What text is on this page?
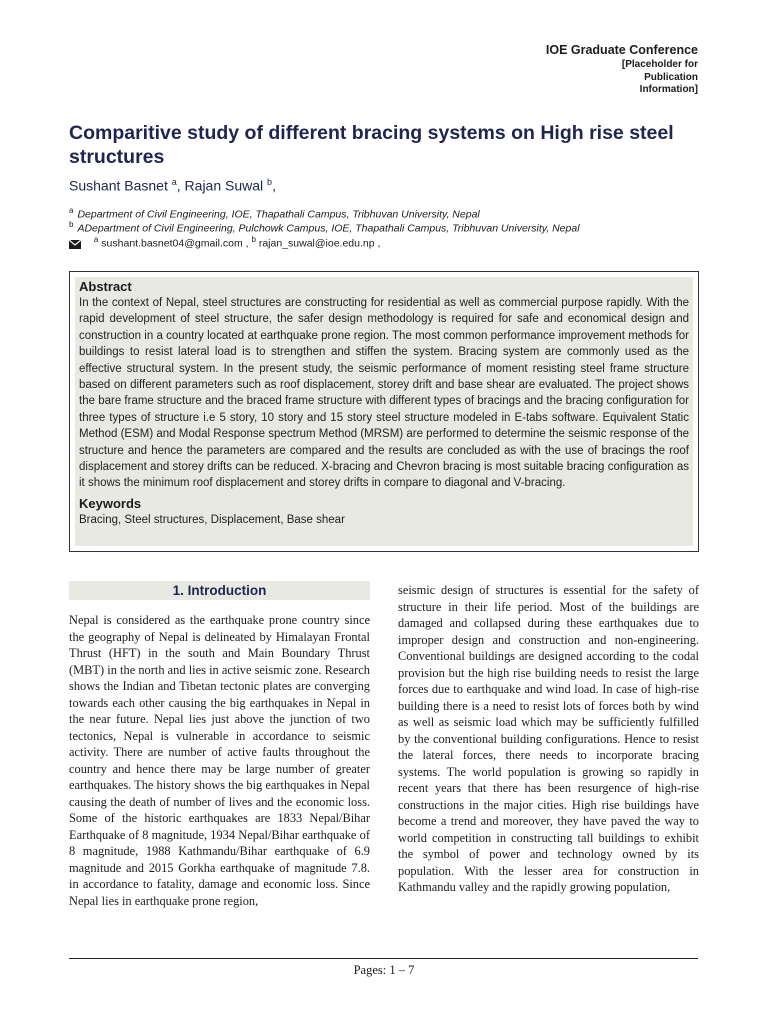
IOE Graduate Conference
[Placeholder for
Publication
Information]
Comparitive study of different bracing systems on High rise steel structures
Sushant Basnet $^a$, Rajan Suwal $^b$,
$^a$ Department of Civil Engineering, IOE, Thapathali Campus, Tribhuvan University, Nepal
$^b$ ADepartment of Civil Engineering, Pulchowk Campus, IOE, Thapathali Campus, Tribhuvan University, Nepal
$^a$ sushant.basnet04@gmail.com , $^b$ rajan_suwal@ioe.edu.np ,
Abstract

In the context of Nepal, steel structures are constructing for residential as well as commercial purpose rapidly. With the rapid development of steel structure, the safer design methodology is required for safe and economical design and construction in a country located at earthquake prone region. The most common performance improvement methods for buildings to resist lateral load is to strengthen and stiffen the system. Bracing system are commonly used as the effective structural system. In the present study, the seismic performance of moment resisting steel frame structure based on different parameters such as roof displacement, storey drift and base shear are evaluated. The project shows the bare frame structure and the braced frame structure with different types of bracings and the bracing configuration for three types of structure i.e 5 story, 10 story and 15 story steel structure modeled in E-tabs software. Equivalent Static Method (ESM) and Modal Response spectrum Method (MRSM) are performed to determine the seismic response of the structure and hence the parameters are compared and the results are concluded as with the use of bracings the roof displacement and storey drifts can be reduced. X-bracing and Chevron bracing is most suitable bracing configuration as it shows the minimum roof displacement and storey drifts in compare to diagonal and V-bracing.

Keywords
Bracing, Steel structures, Displacement, Base shear
1. Introduction

Nepal is considered as the earthquake prone country since the geography of Nepal is delineated by Himalayan Frontal Thrust (HFT) in the south and Main Boundary Thrust (MBT) in the north and lies in active seismic zone. Research shows the Indian and Tibetan tectonic plates are converging towards each other causing the big earthquakes in Nepal in the near future. Nepal lies just above the junction of two tectonics, Nepal is vulnerable in accordance to seismic activity. There are number of active faults throughout the country and hence there may be large number of greater earthquakes. The history shows the big earthquakes in Nepal causing the death of number of lives and the economic loss. Some of the historic earthquakes are 1833 Nepal/Bihar Earthquake of 8 magnitude, 1934 Nepal/Bihar earthquake of 8 magnitude, 1988 Kathmandu/Bihar earthquake of 6.9 magnitude and 2015 Gorkha earthquake of magnitude 7.8. in accordance to fatality, damage and economic loss. Since Nepal lies in earthquake prone region,

seismic design of structures is essential for the safety of structure in their life period. Most of the buildings are damaged and collapsed during these earthquakes due to improper design and construction and non-engineering. Conventional buildings are designed according to the codal provision but the high rise building needs to resist the large forces due to earthquake and wind load. In case of high-rise building there is a need to resist lots of forces both by wind as well as seismic load which may be sufficiently fulfilled by the conventional building configurations. Hence to resist the lateral forces, there needs to incorporate bracing systems. The world population is growing so rapidly in recent years that there has been resurgence of high-rise constructions in the major cities. High rise buildings have become a trend and moreover, they have paved the way to world competition in constructing tall buildings to exhibit the symbol of power and technology owned by its population. With the lesser area for construction in Kathmandu valley and the rapidly growing population,

Pages: 1 – 7
